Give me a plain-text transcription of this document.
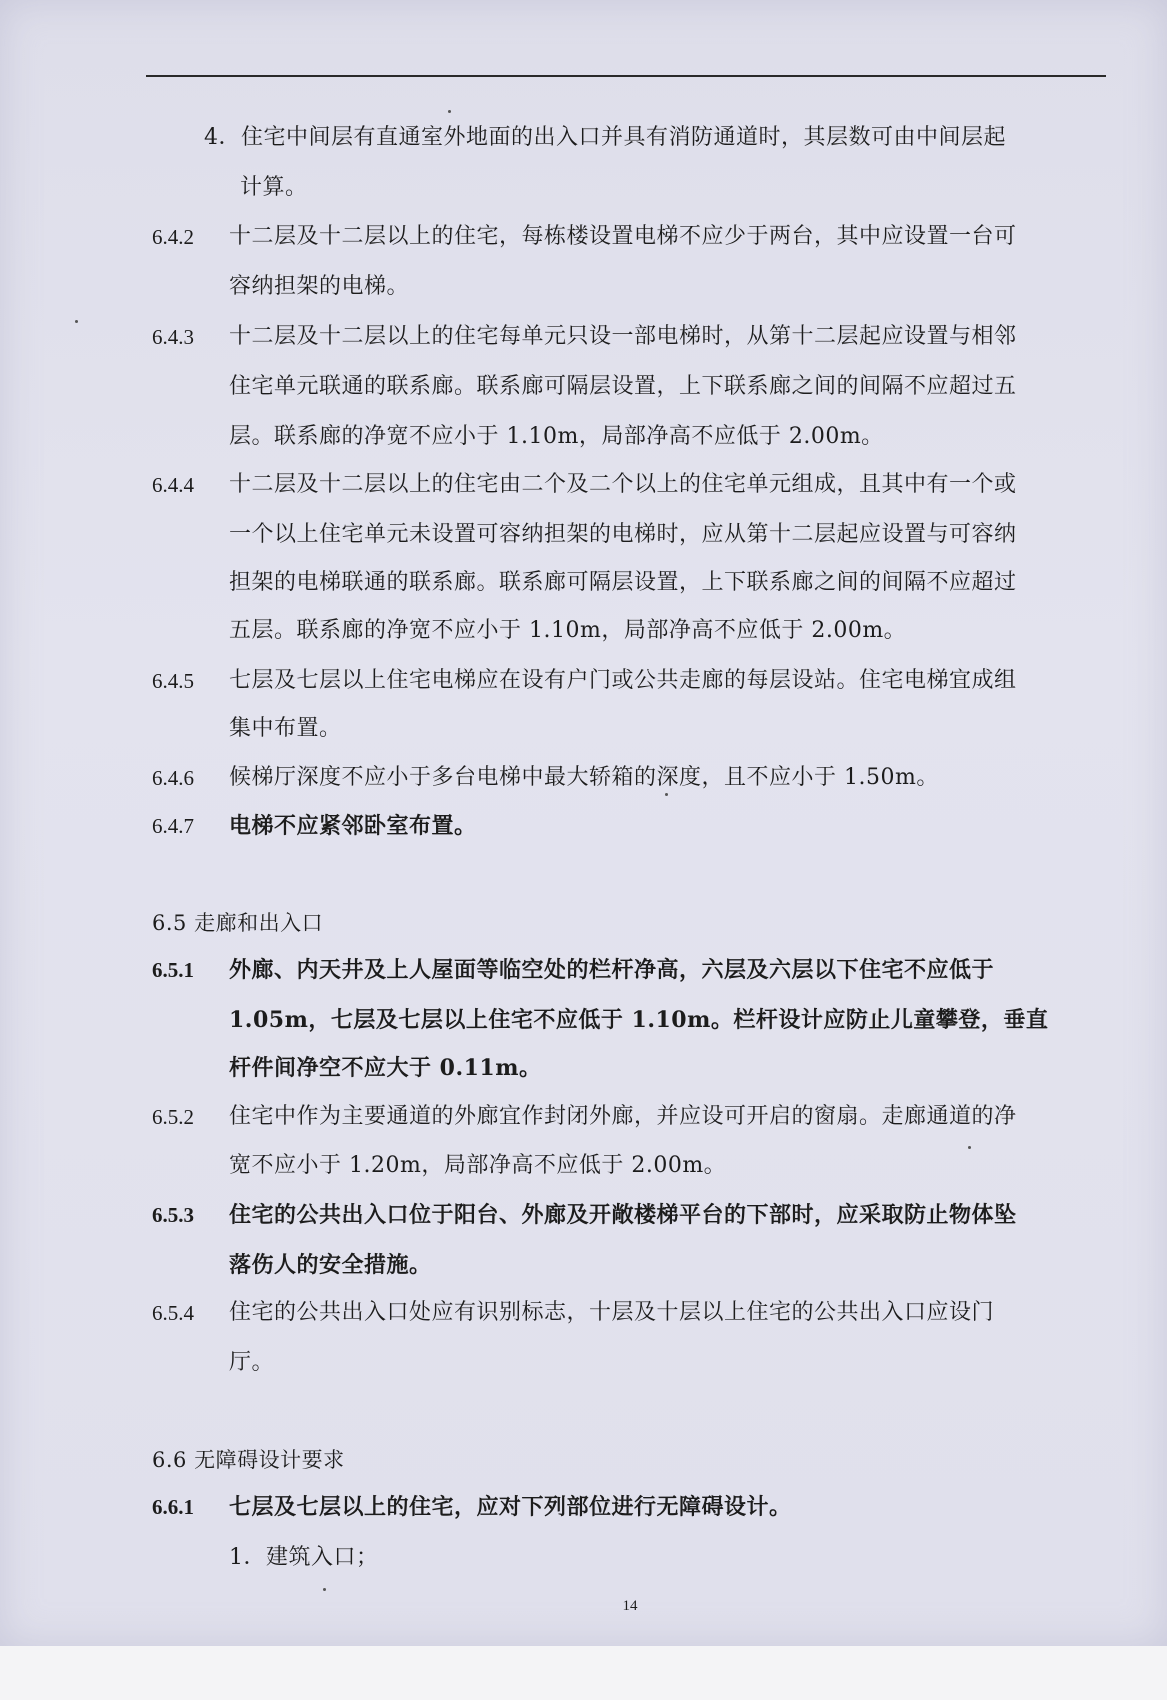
4．住宅中间层有直通室外地面的出入口并具有消防通道时，其层数可由中间层起
计算。
6.4.2 十二层及十二层以上的住宅，每栋楼设置电梯不应少于两台，其中应设置一台可
容纳担架的电梯。
6.4.3 十二层及十二层以上的住宅每单元只设一部电梯时，从第十二层起应设置与相邻
住宅单元联通的联系廊。联系廊可隔层设置，上下联系廊之间的间隔不应超过五
层。联系廊的净宽不应小于 1.10m，局部净高不应低于 2.00m。
6.4.4 十二层及十二层以上的住宅由二个及二个以上的住宅单元组成，且其中有一个或
一个以上住宅单元未设置可容纳担架的电梯时，应从第十二层起应设置与可容纳
担架的电梯联通的联系廊。联系廊可隔层设置，上下联系廊之间的间隔不应超过
五层。联系廊的净宽不应小于 1.10m，局部净高不应低于 2.00m。
6.4.5 七层及七层以上住宅电梯应在设有户门或公共走廊的每层设站。住宅电梯宜成组
集中布置。
6.4.6 候梯厅深度不应小于多台电梯中最大轿箱的深度，且不应小于 1.50m。
6.4.7 电梯不应紧邻卧室布置。
6.5 走廊和出入口
6.5.1 外廊、内天井及上人屋面等临空处的栏杆净高，六层及六层以下住宅不应低于
1.05m，七层及七层以上住宅不应低于 1.10m。栏杆设计应防止儿童攀登，垂直
杆件间净空不应大于 0.11m。
6.5.2 住宅中作为主要通道的外廊宜作封闭外廊，并应设可开启的窗扇。走廊通道的净
宽不应小于 1.20m，局部净高不应低于 2.00m。
6.5.3 住宅的公共出入口位于阳台、外廊及开敞楼梯平台的下部时，应采取防止物体坠
落伤人的安全措施。
6.5.4 住宅的公共出入口处应有识别标志，十层及十层以上住宅的公共出入口应设门
厅。
6.6 无障碍设计要求
6.6.1 七层及七层以上的住宅，应对下列部位进行无障碍设计。
1．建筑入口；
14
